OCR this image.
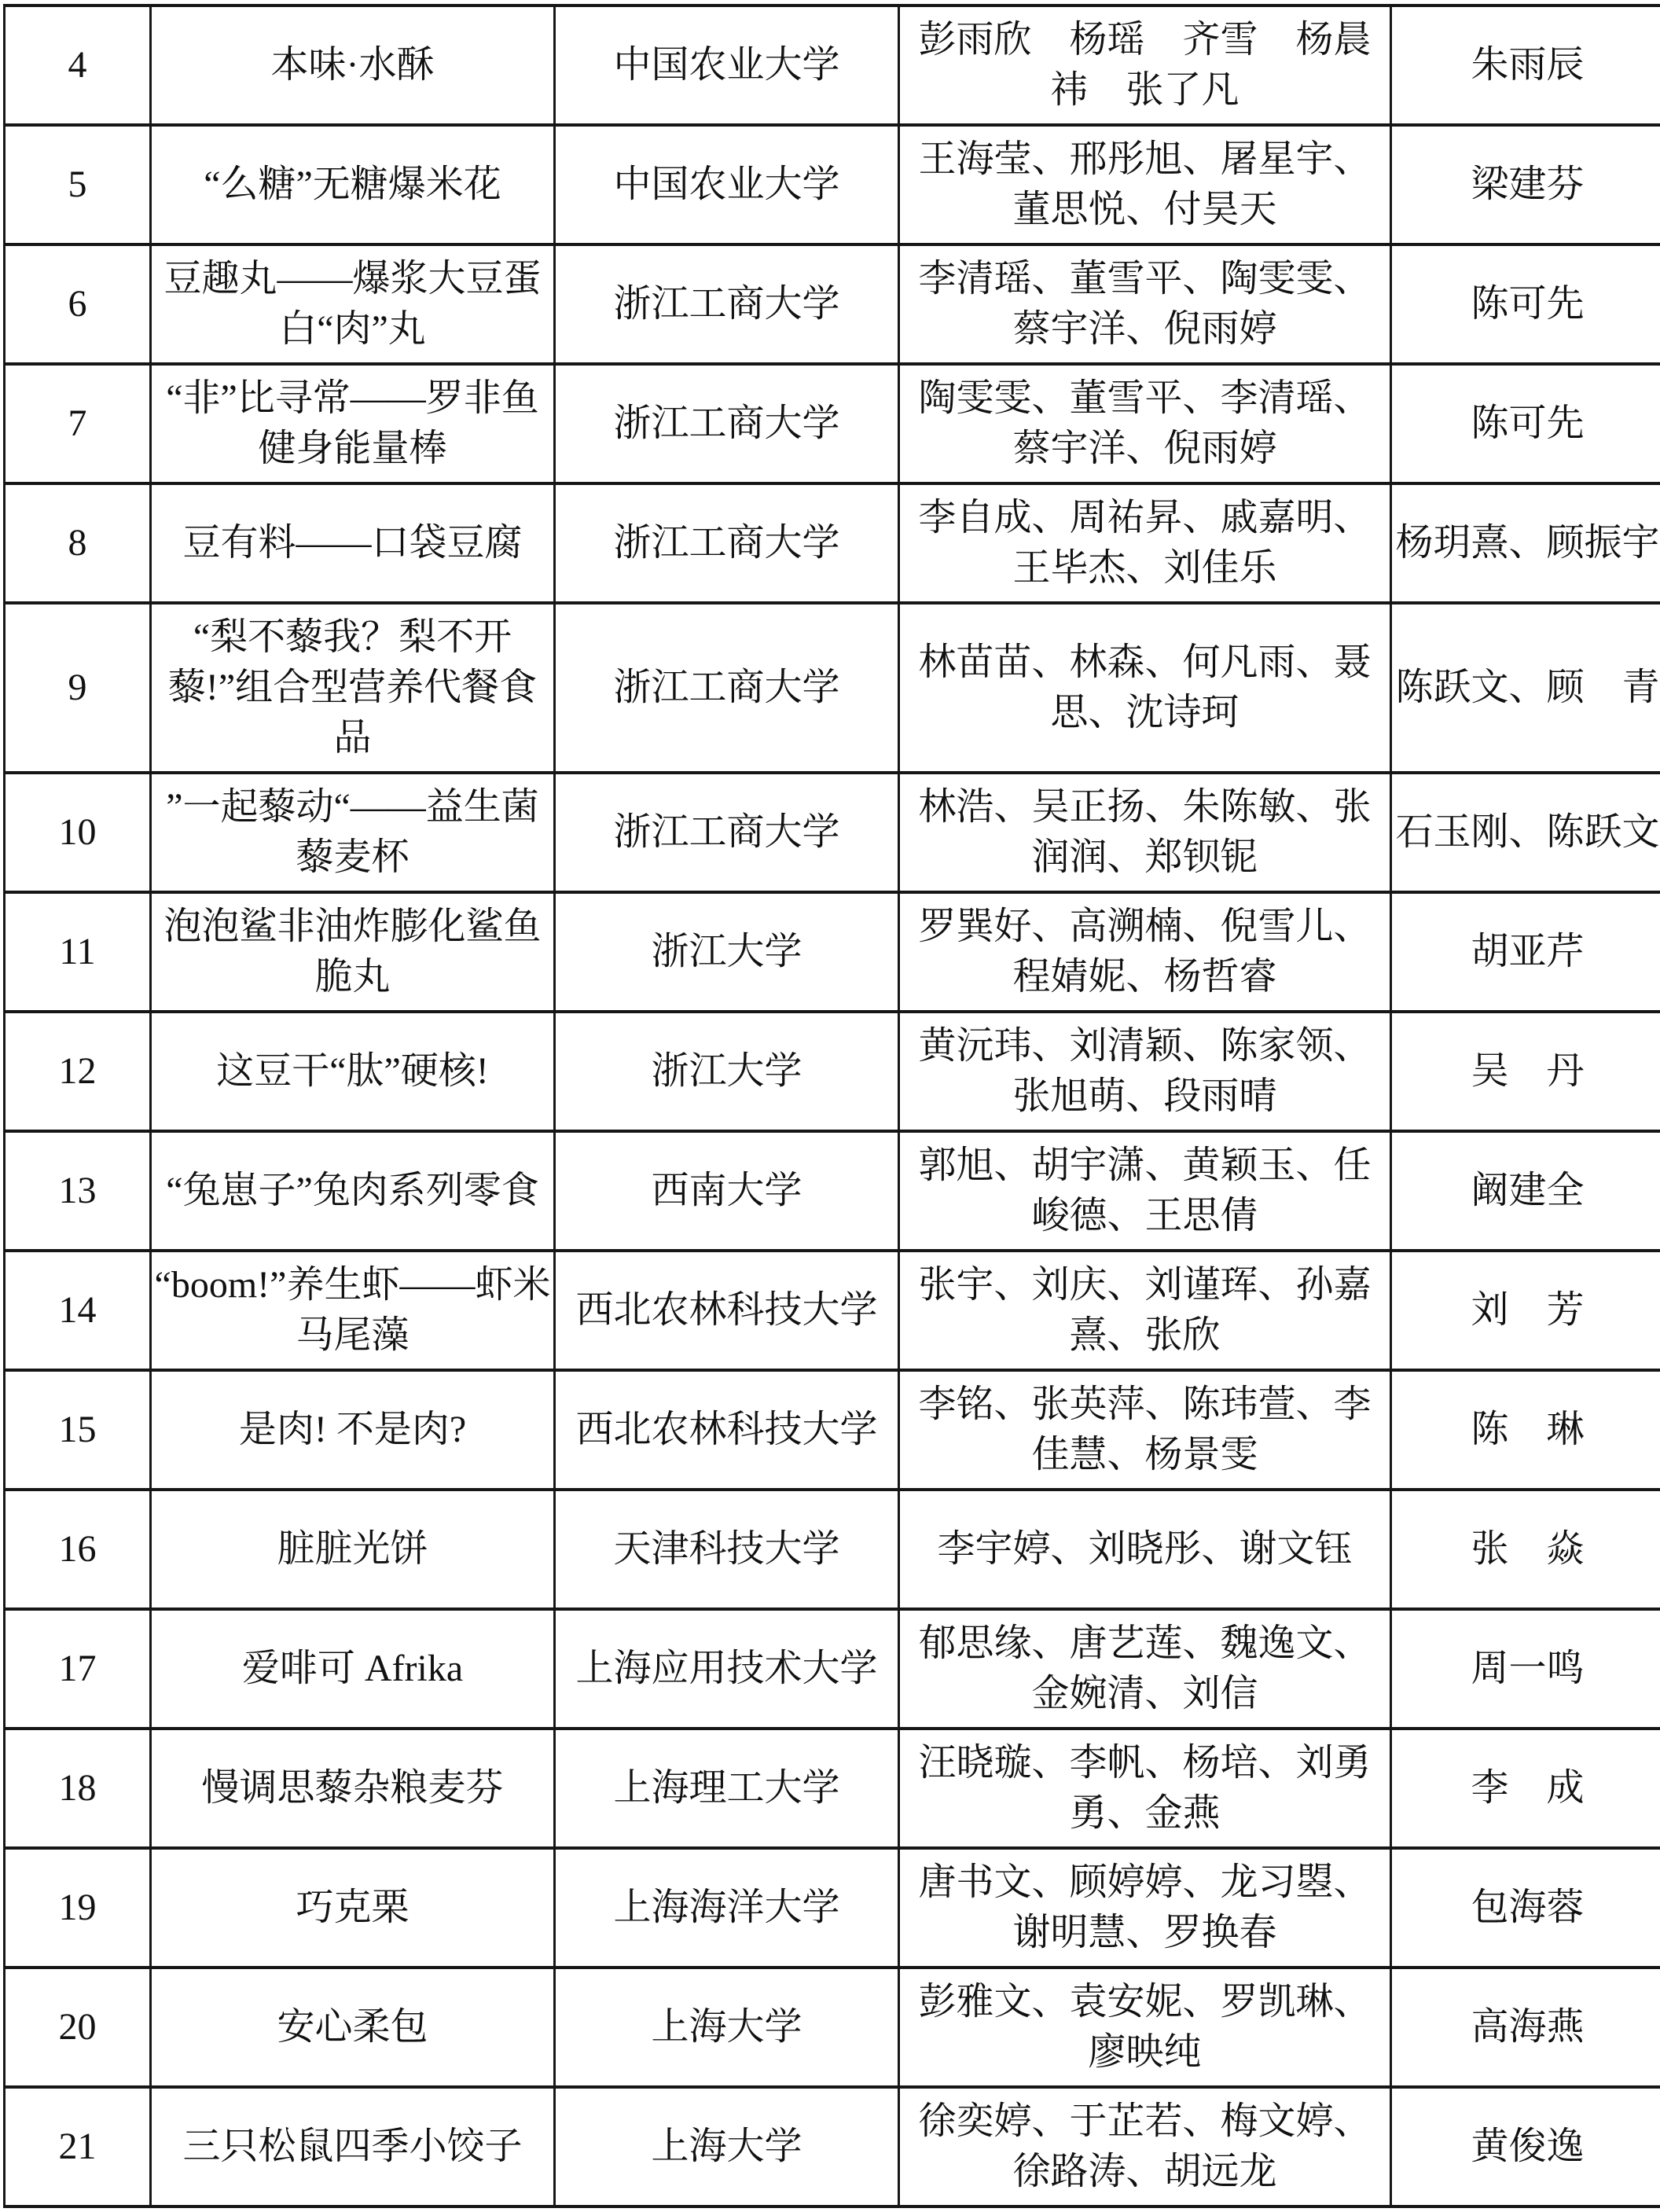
4	本味·水酥	中国农业大学	彭雨欣　杨瑶　齐雪　杨晨祎　张了凡	朱雨辰
5	“么糖”无糖爆米花	中国农业大学	王海莹、邢彤旭、屠星宇、董思悦、付昊天	梁建芬
6	豆趣丸——爆浆大豆蛋白“肉”丸	浙江工商大学	李清瑶、董雪平、陶雯雯、蔡宇洋、倪雨婷	陈可先
7	“非”比寻常——罗非鱼健身能量棒	浙江工商大学	陶雯雯、董雪平、李清瑶、蔡宇洋、倪雨婷	陈可先
8	豆有料——口袋豆腐	浙江工商大学	李自成、周祐昇、戚嘉明、王毕杰、刘佳乐	杨玥熹、顾振宇
9	“梨不藜我？梨不开藜!”组合型营养代餐食品	浙江工商大学	林苗苗、林森、何凡雨、聂思、沈诗珂	陈跃文、顾　青
10	”一起藜动“——益生菌藜麦杯	浙江工商大学	林浩、吴正扬、朱陈敏、张润润、郑钡铌	石玉刚、陈跃文
11	泡泡鲨非油炸膨化鲨鱼脆丸	浙江大学	罗巽好、高溯楠、倪雪儿、程婧妮、杨哲睿	胡亚芹
12	这豆干“肽”硬核!	浙江大学	黄沅玮、刘清颖、陈家领、张旭萌、段雨晴	吴　丹
13	“兔崽子”兔肉系列零食	西南大学	郭旭、胡宇潇、黄颖玉、任峻德、王思倩	阚建全
14	“boom!”养生虾——虾米马尾藻	西北农林科技大学	张宇、刘庆、刘谨珲、孙嘉熹、张欣	刘　芳
15	是肉! 不是肉?	西北农林科技大学	李铭、张英萍、陈玮萱、李佳慧、杨景雯	陈　琳
16	脏脏光饼	天津科技大学	李宇婷、刘晓彤、谢文钰	张　焱
17	爱啡可 Afrika	上海应用技术大学	郁思缘、唐艺莲、魏逸文、金婉清、刘信	周一鸣
18	慢调思藜杂粮麦芬	上海理工大学	汪晓璇、李帆、杨培、刘勇勇、金燕	李　成
19	巧克栗	上海海洋大学	唐书文、顾婷婷、龙习曌、谢明慧、罗换春	包海蓉
20	安心柔包	上海大学	彭雅文、袁安妮、罗凯琳、廖映纯	高海燕
21	三只松鼠四季小饺子	上海大学	徐奕婷、于芷若、梅文婷、徐路涛、胡远龙	黄俊逸
